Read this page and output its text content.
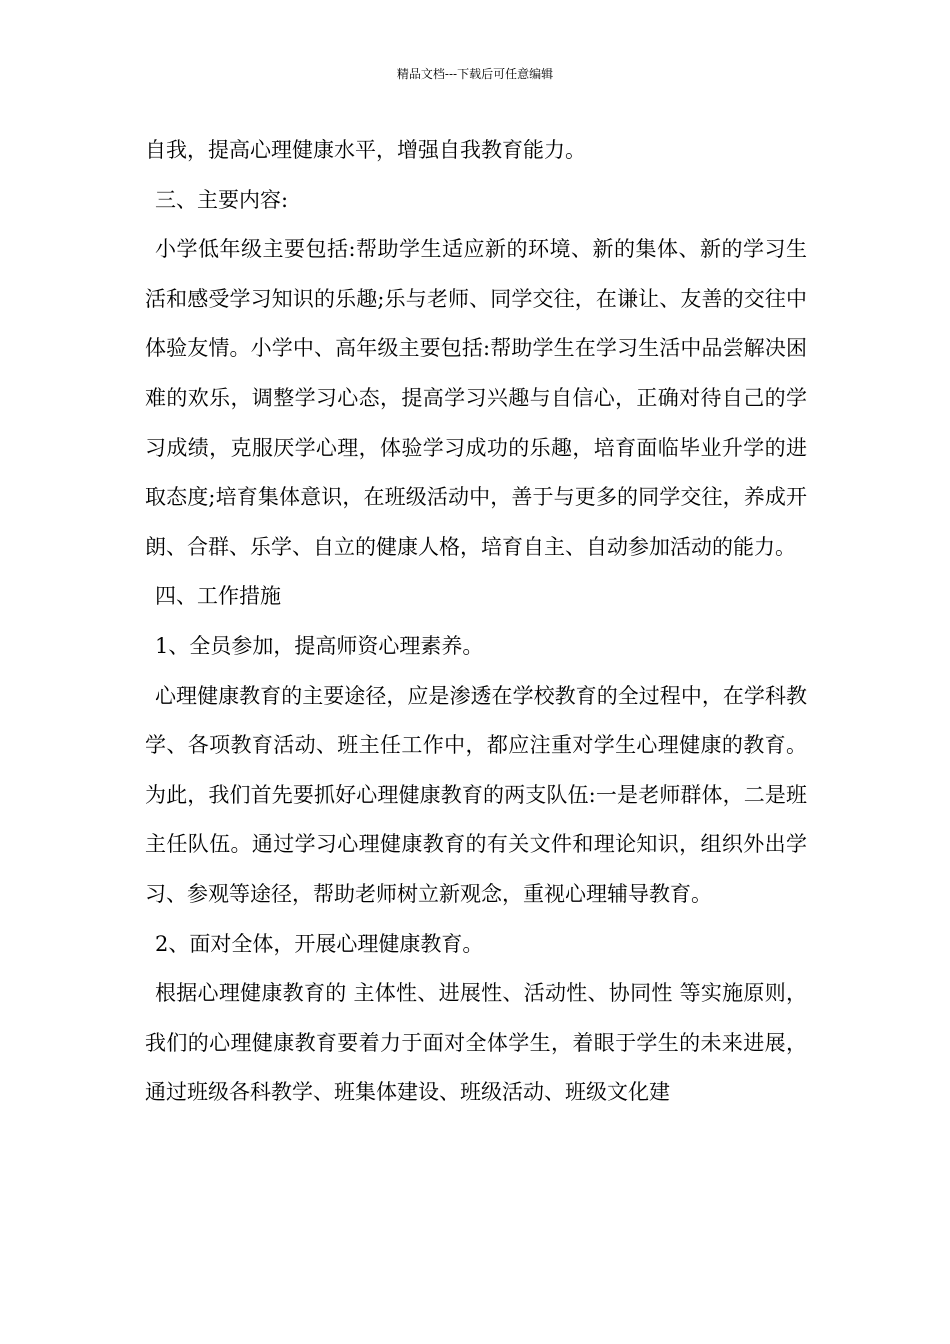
精品文档---下载后可任意编辑

自我，提高心理健康水平，增强自我教育能力。

三、主要内容:

小学低年级主要包括:帮助学生适应新的环境、新的集体、新的学习生活和感受学习知识的乐趣;乐与老师、同学交往，在谦让、友善的交往中体验友情。小学中、高年级主要包括:帮助学生在学习生活中品尝解决困难的欢乐，调整学习心态，提高学习兴趣与自信心，正确对待自己的学习成绩，克服厌学心理，体验学习成功的乐趣，培育面临毕业升学的进取态度;培育集体意识，在班级活动中，善于与更多的同学交往，养成开朗、合群、乐学、自立的健康人格，培育自主、自动参加活动的能力。

四、工作措施

1、全员参加，提高师资心理素养。

心理健康教育的主要途径，应是渗透在学校教育的全过程中，在学科教学、各项教育活动、班主任工作中，都应注重对学生心理健康的教育。为此，我们首先要抓好心理健康教育的两支队伍:一是老师群体，二是班主任队伍。通过学习心理健康教育的有关文件和理论知识，组织外出学习、参观等途径，帮助老师树立新观念，重视心理辅导教育。

2、面对全体，开展心理健康教育。

根据心理健康教育的 主体性、进展性、活动性、协同性 等实施原则，我们的心理健康教育要着力于面对全体学生，着眼于学生的未来进展，通过班级各科教学、班集体建设、班级活动、班级文化建
